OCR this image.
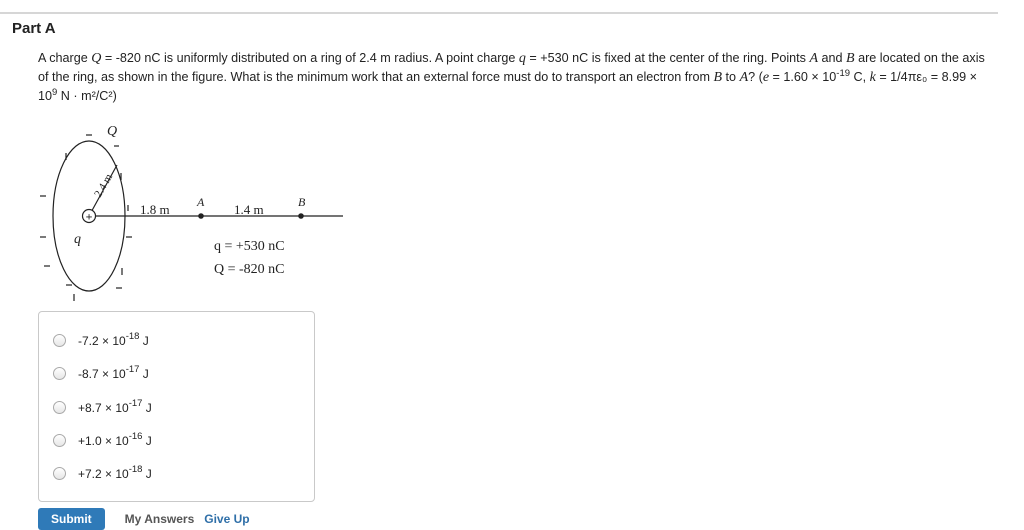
Part A
A charge Q = -820 nC is uniformly distributed on a ring of 2.4 m radius. A point charge q = +530 nC is fixed at the center of the ring. Points A and B are located on the axis of the ring, as shown in the figure. What is the minimum work that an external force must do to transport an electron from B to A? ($e = 1.60 \times 10^{-19}$ C, $k = 1/4\pi\varepsilon_0 = 8.99 \times 10^9$ N · m²/C²)
2.4 m
+
Q
q
1.8 m A 1.4 m	B
q = +530 nC
Q = -820 nC
$-7.2 \times 10^{-18}$ J
$-8.7 \times 10^{-17}$ J
$+8.7 \times 10^{-17}$ J
$+1.0 \times 10^{-16}$ J
$+7.2 \times 10^{-18}$ J
Submit	My Answers Give Up
